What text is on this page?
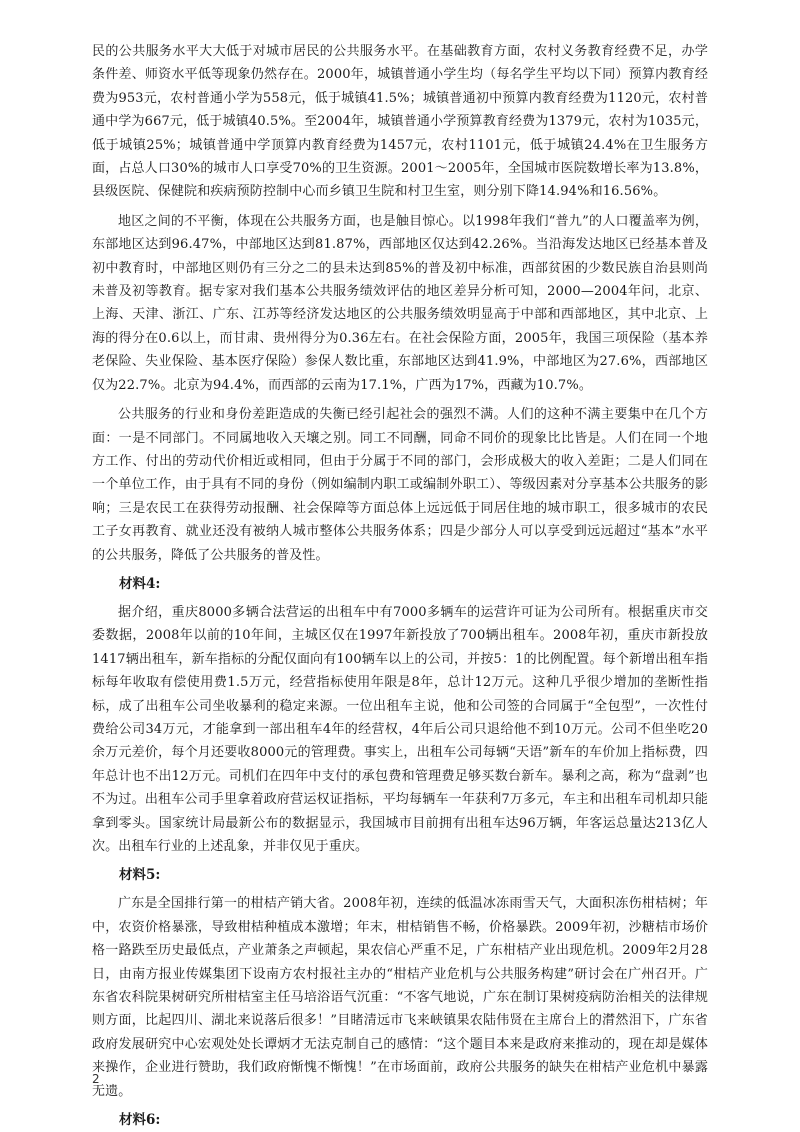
民的公共服务水平大大低于对城市居民的公共服务水平。在基础教育方面，农村义务教育经费不足，办学条件差、师资水平低等现象仍然存在。2000年，城镇普通小学生均（每名学生平均以下同）预算内教育经费为953元，农村普通小学为558元，低于城镇41.5%；城镇普通初中预算内教育经费为1120元，农村普通中学为667元，低于城镇40.5%。至2004年，城镇普通小学预算教育经费为1379元，农村为1035元，低于城镇25%；城镇普通中学顶算内教育经费为1457元，农村1101元，低于城镇24.4%在卫生服务方面，占总人口30%的城市人口享受70%的卫生资源。2001～2005年，全国城市医院数增长率为13.8%，县级医院、保健院和疾病预防控制中心而乡镇卫生院和村卫生室，则分别下降14.94%和16.56%。

地区之间的不平衡，体现在公共服务方面，也是触目惊心。以1998年我们“普九”的人口覆盖率为例，东部地区达到96.47%，中部地区达到81.87%，西部地区仅达到42.26%。当沿海发达地区已经基本普及初中教育时，中部地区则仍有三分之二的县未达到85%的普及初中标准，西部贫困的少数民族自治县则尚未普及初等教育。据专家对我们基本公共服务绩效评估的地区差异分析可知，2000—2004年问，北京、上海、天津、浙江、广东、江苏等经济发达地区的公共服务绩效明显高于中部和西部地区，其中北京、上海的得分在0.6以上，而甘肃、贵州得分为0.36左右。在社会保险方面，2005年，我国三项保险（基本养老保险、失业保险、基本医疗保险）参保人数比重，东部地区达到41.9%，中部地区为27.6%，西部地区仅为22.7%。北京为94.4%，而西部的云南为17.1%，广西为17%，西藏为10.7%。

公共服务的行业和身份差距造成的失衡已经引起社会的强烈不满。人们的这种不满主要集中在几个方面：一是不同部门。不同属地收入天壤之别。同工不同酬，同命不同价的现象比比皆是。人们在同一个地方工作、付出的劳动代价相近或相同，但由于分属于不同的部门，会形成极大的收入差距；二是人们同在一个单位工作，由于具有不同的身份（例如编制内职工或编制外职工）、等级因素对分享基本公共服务的影响；三是农民工在获得劳动报酬、社会保障等方面总体上远远低于同居住地的城市职工，很多城市的农民工子女再教育、就业还没有被纳人城市整体公共服务体系；四是少部分人可以享受到远远超过“基本”水平的公共服务，降低了公共服务的普及性。

材料4:

据介绍，重庆8000多辆合法营运的出租车中有7000多辆车的运营许可证为公司所有。根据重庆市交委数据，2008年以前的10年间，主城区仅在1997年新投放了700辆出租车。2008年初，重庆市新投放1417辆出租车，新车指标的分配仅面向有100辆车以上的公司，并按5：1的比例配置。每个新增出租车指标每年收取有偿使用费1.5万元，经营指标使用年限是8年，总计12万元。这种几乎很少增加的垄断性指标，成了出租车公司坐收暴利的稳定来源。一位出租车主说，他和公司签的合同属于“全包型”，一次性付费给公司34万元，才能拿到一部出租车4年的经营权，4年后公司只退给他不到10万元。公司不但坐吃20余万元差价，每个月还要收8000元的管理费。事实上，出租车公司每辆“天语”新车的车价加上指标费，四年总计也不出12万元。司机们在四年中支付的承包费和管理费足够买数台新车。暴利之高，称为“盘剥”也不为过。出租车公司手里拿着政府营运权证指标，平均每辆车一年获利7万多元，车主和出租车司机却只能拿到零头。国家统计局最新公布的数据显示，我国城市目前拥有出租车达96万辆，年客运总量达213亿人次。出租车行业的上述乱象，并非仅见于重庆。

材料5:

广东是全国排行第一的柑桔产销大省。2008年初，连续的低温冰冻雨雪天气，大面积冻伤柑桔树；年中，农资价格暴涨，导致柑桔种植成本激增；年末，柑桔销售不畅，价格暴跌。2009年初，沙糖桔市场价格一路跌至历史最低点，产业萧条之声顿起，果农信心严重不足，广东柑桔产业出现危机。2009年2月28日，由南方报业传媒集团下设南方农村报社主办的“柑桔产业危机与公共服务构建”研讨会在广州召开。广东省农科院果树研究所柑桔室主任马培浴语气沉重：“不客气地说，广东在制订果树疫病防治相关的法律规则方面，比起四川、湖北来说落后很多！”目睹清远市飞来峡镇果农陆伟贤在主席台上的潸然泪下，广东省政府发展研究中心宏观处处长谭炳才无法克制自己的感情：“这个题目本来是政府来推动的，现在却是媒体来操作，企业进行赞助，我们政府惭愧不惭愧！”在市场面前，政府公共服务的缺失在柑桔产业危机中暴露无遗。

材料6:
2
